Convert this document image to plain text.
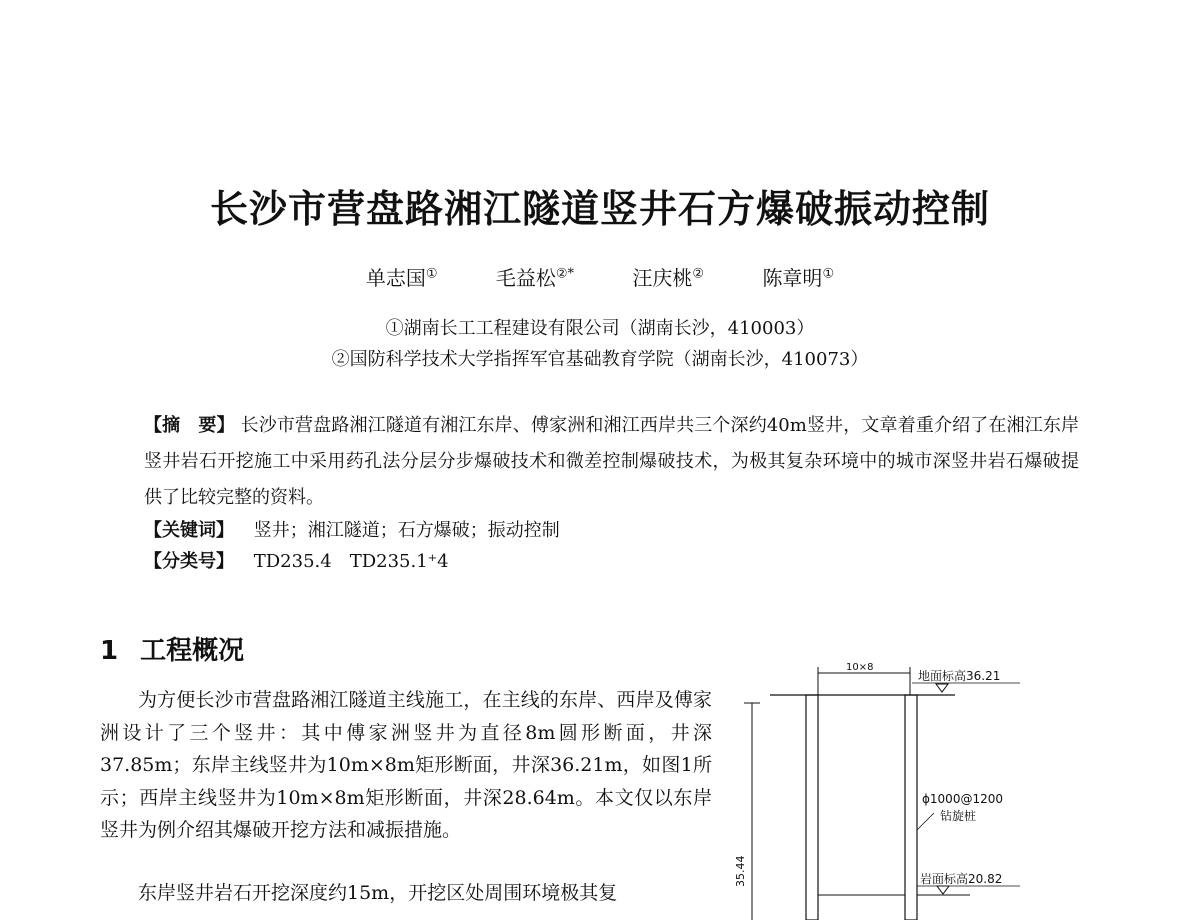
长沙市营盘路湘江隧道竖井石方爆破振动控制
单志国①	毛益松②*	汪庆桃②	陈章明①
①湖南长工工程建设有限公司（湖南长沙，410003）
②国防科学技术大学指挥军官基础教育学院（湖南长沙，410073）
【摘　要】 长沙市营盘路湘江隧道有湘江东岸、傅家洲和湘江西岸共三个深约40m竖井，文章着重介绍了在湘江东岸竖井岩石开挖施工中采用药孔法分层分步爆破技术和微差控制爆破技术，为极其复杂环境中的城市深竖井岩石爆破提供了比较完整的资料。
【关键词】 竖井；湘江隧道；石方爆破；振动控制
【分类号】 TD235.4　TD235.1⁺4
1 工程概况
为方便长沙市营盘路湘江隧道主线施工，在主线的东岸、西岸及傅家洲设计了三个竖井：其中傅家洲竖井为直径8m圆形断面，井深37.85m；东岸主线竖井为10m×8m矩形断面，井深36.21m，如图1所示；西岸主线竖井为10m×8m矩形断面，井深28.64m。本文仅以东岸竖井为例介绍其爆破开挖方法和减振措施。
东岸竖井岩石开挖深度约15m，开挖区处周围环境极其复
10×8
地面标高36.21
35.44
ϕ1000@1200
钻旋桩
岩面标高20.82
